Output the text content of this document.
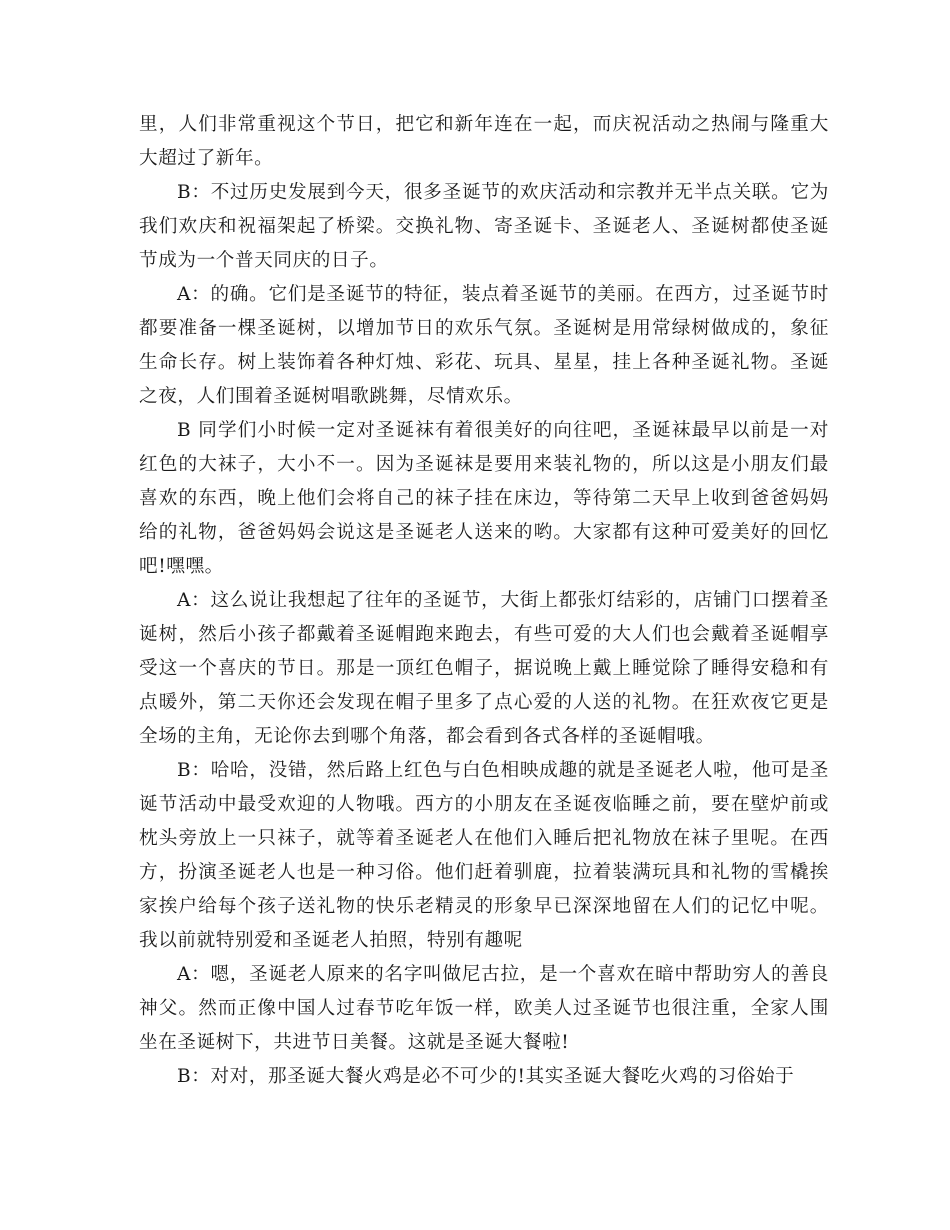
里，人们非常重视这个节日，把它和新年连在一起，而庆祝活动之热闹与隆重大大超过了新年。

B：不过历史发展到今天，很多圣诞节的欢庆活动和宗教并无半点关联。它为我们欢庆和祝福架起了桥梁。交换礼物、寄圣诞卡、圣诞老人、圣诞树都使圣诞节成为一个普天同庆的日子。

A：的确。它们是圣诞节的特征，装点着圣诞节的美丽。在西方，过圣诞节时都要准备一棵圣诞树，以增加节日的欢乐气氛。圣诞树是用常绿树做成的，象征生命长存。树上装饰着各种灯烛、彩花、玩具、星星，挂上各种圣诞礼物。圣诞之夜，人们围着圣诞树唱歌跳舞，尽情欢乐。

B 同学们小时候一定对圣诞袜有着很美好的向往吧，圣诞袜最早以前是一对红色的大袜子，大小不一。因为圣诞袜是要用来装礼物的，所以这是小朋友们最喜欢的东西，晚上他们会将自己的袜子挂在床边，等待第二天早上收到爸爸妈妈给的礼物，爸爸妈妈会说这是圣诞老人送来的哟。大家都有这种可爱美好的回忆吧!嘿嘿。

A：这么说让我想起了往年的圣诞节，大街上都张灯结彩的，店铺门口摆着圣诞树，然后小孩子都戴着圣诞帽跑来跑去，有些可爱的大人们也会戴着圣诞帽享受这一个喜庆的节日。那是一顶红色帽子，据说晚上戴上睡觉除了睡得安稳和有点暖外，第二天你还会发现在帽子里多了点心爱的人送的礼物。在狂欢夜它更是全场的主角，无论你去到哪个角落，都会看到各式各样的圣诞帽哦。

B：哈哈，没错，然后路上红色与白色相映成趣的就是圣诞老人啦，他可是圣诞节活动中最受欢迎的人物哦。西方的小朋友在圣诞夜临睡之前，要在壁炉前或枕头旁放上一只袜子，就等着圣诞老人在他们入睡后把礼物放在袜子里呢。在西方，扮演圣诞老人也是一种习俗。他们赶着驯鹿，拉着装满玩具和礼物的雪橇挨家挨户给每个孩子送礼物的快乐老精灵的形象早已深深地留在人们的记忆中呢。我以前就特别爱和圣诞老人拍照，特别有趣呢

A：嗯，圣诞老人原来的名字叫做尼古拉，是一个喜欢在暗中帮助穷人的善良神父。然而正像中国人过春节吃年饭一样，欧美人过圣诞节也很注重，全家人围坐在圣诞树下，共进节日美餐。这就是圣诞大餐啦!

B：对对，那圣诞大餐火鸡是必不可少的!其实圣诞大餐吃火鸡的习俗始于
